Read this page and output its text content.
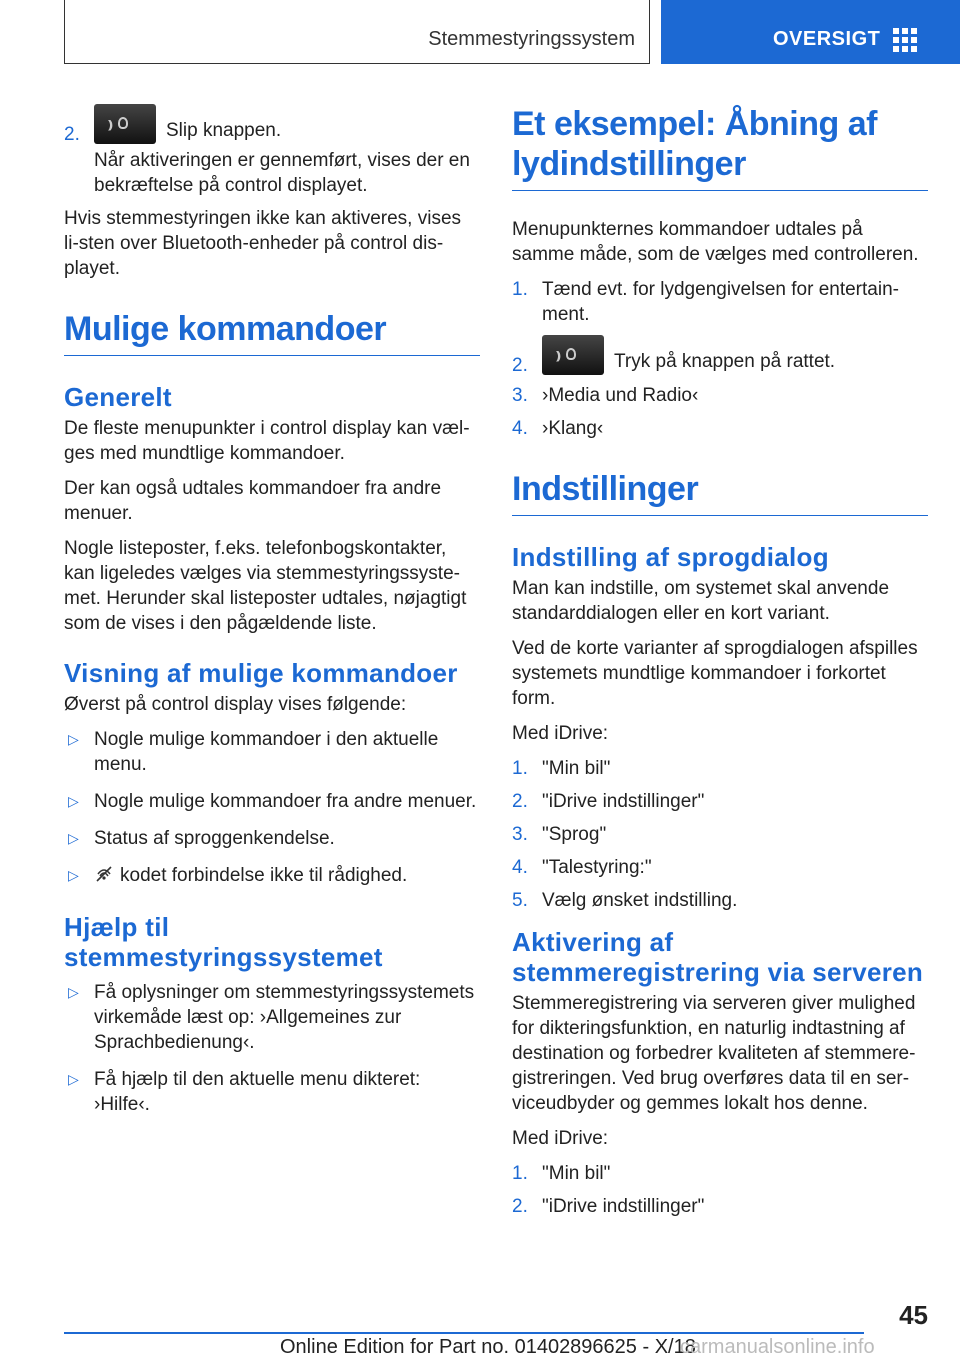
Stemmestyringssystem	OVERSIGT
2. )))	Slip knappen.
Når aktiveringen er gennemført, vises der en bekræftelse på control displayet.

Hvis stemmestyringen ikke kan aktiveres, vises li-sten over Bluetooth-enheder på control dis-playet.

Mulige kommandoer
Generelt

De fleste menupunkter i control display kan væl-ges med mundtlige kommandoer.

Der kan også udtales kommandoer fra andre menuer.

Nogle listeposter, f.eks. telefonbogskontakter, kan ligeledes vælges via stemmestyringssyste-met. Herunder skal listeposter udtales, nøjagtigt som de vises i den pågældende liste.

Visning af mulige kommandoer

Øverst på control display vises følgende:

▷ Nogle mulige kommandoer i den aktuelle menu.
▷ Nogle mulige kommandoer fra andre menuer.
▷ Status af sproggenkendelse.
▷ kodet forbindelse ikke til rådighed.
Hjælp til stemmestyringssystemet
▷ Få oplysninger om stemmestyringssystemets virkemåde læst op: ›Allgemeines zur Sprachbedienung‹.
▷ Få hjælp til den aktuelle menu dikteret: ›Hilfe‹.
Et eksempel: Åbning af lydindstillinger

Menupunkternes kommandoer udtales på samme måde, som de vælges med controlleren.

1. Tænd evt. for lydgengivelsen for entertain-ment.
2. )))	Tryk på knappen på rattet.
3. ›Media und Radio‹
4. ›Klang‹
Indstillinger
Indstilling af sprogdialog

Man kan indstille, om systemet skal anvende standarddialogen eller en kort variant.

Ved de korte varianter af sprogdialogen afspilles systemets mundtlige kommandoer i forkortet form.

Med iDrive:

1. "Min bil"
2. "iDrive indstillinger"
3. "Sprog"
4. "Talestyring:"
5. Vælg ønsket indstilling.
Aktivering af stemmeregistrering via serveren

Stemmeregistrering via serveren giver mulighed for dikteringsfunktion, en naturlig indtastning af destination og forbedrer kvaliteten af stemmere-gistreringen. Ved brug overføres data til en ser-viceudbyder og gemmes lokalt hos denne.

Med iDrive:

1. "Min bil"
2. "iDrive indstillinger"
45
Online Edition for Part no. 01402896625 - X/18
carmanualsonline.info
